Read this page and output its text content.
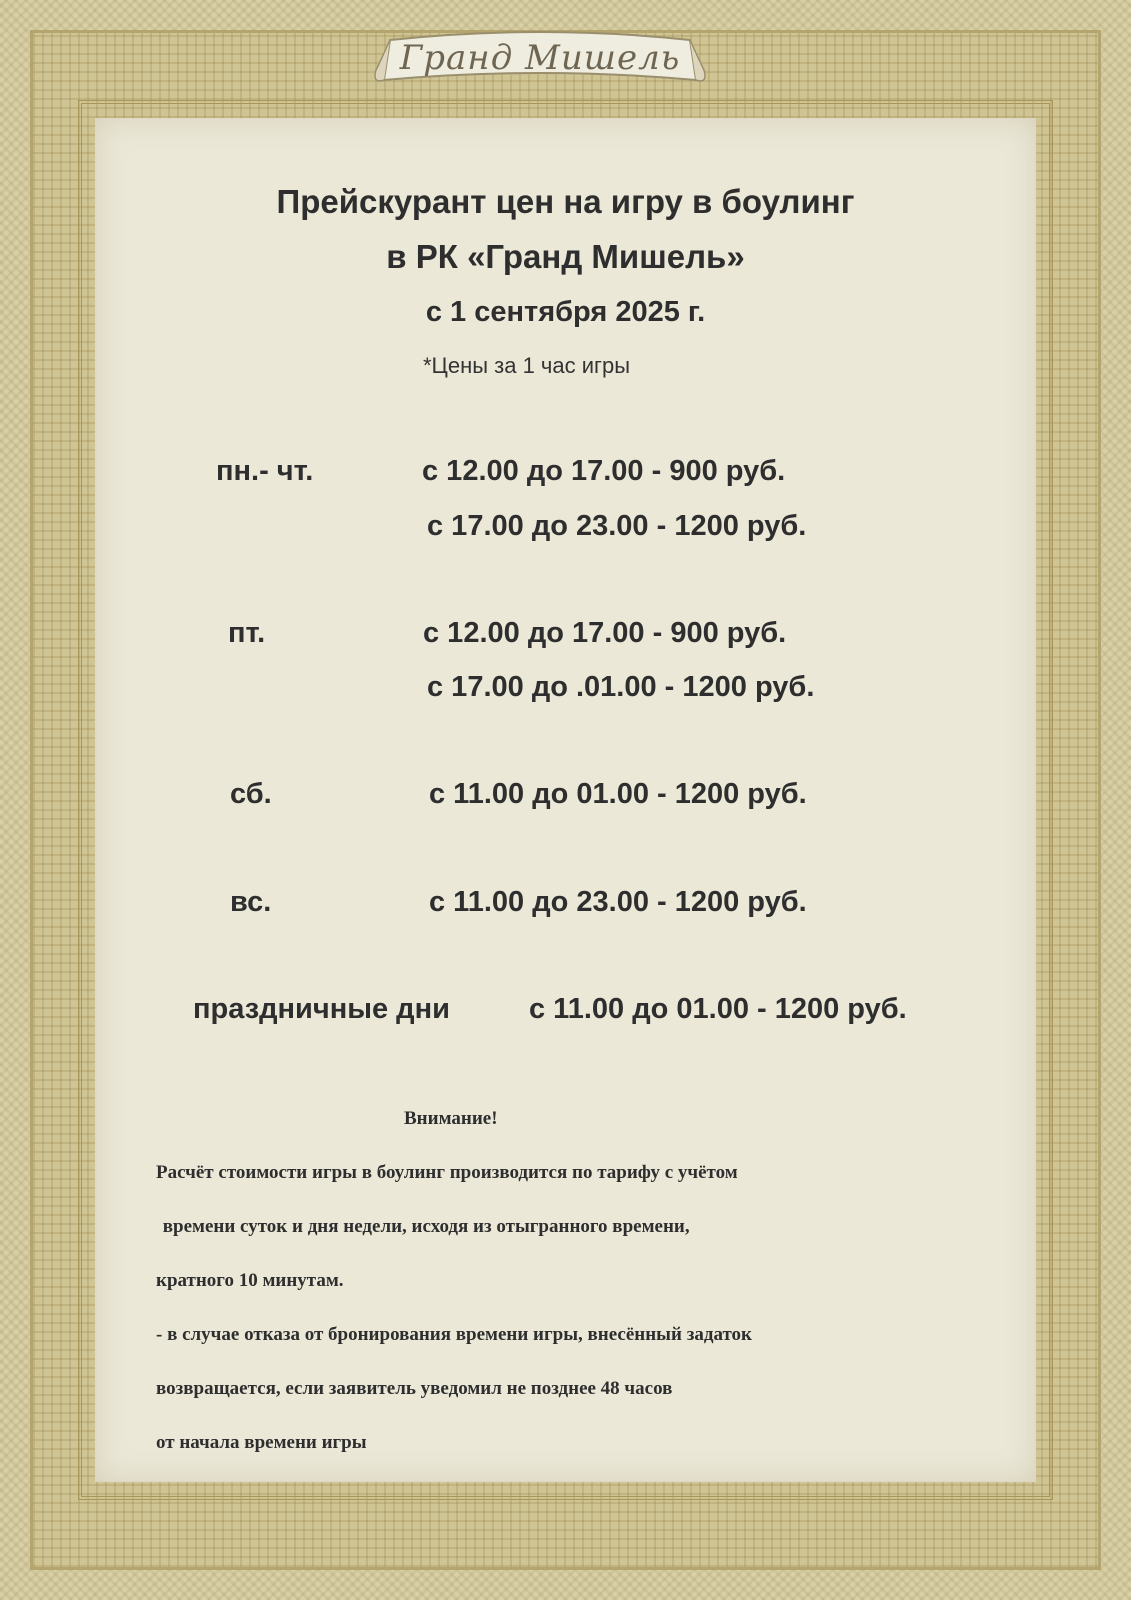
Гранд Мишель
Прейскурант цен на игру в боулинг
в РК «Гранд Мишель»
с 1 сентября 2025 г.
*Цены за 1 час игры
пн.- чт.	с 12.00 до 17.00 - 900 руб.
с 17.00 до 23.00 - 1200 руб.
пт.	с 12.00 до 17.00 - 900 руб.
с 17.00 до .01.00 - 1200 руб.
сб.	с 11.00 до 01.00 - 1200 руб.
вс.	с 11.00 до 23.00 - 1200 руб.
праздничные дни	с 11.00 до 01.00 - 1200 руб.
Внимание!
Расчёт стоимости игры в боулинг производится по тарифу с учётом
времени суток и дня недели, исходя из отыгранного времени,
кратного 10 минутам.
- в случае отказа от бронирования времени игры, внесённый задаток
возвращается, если заявитель уведомил не позднее 48 часов
от начала времени игры
